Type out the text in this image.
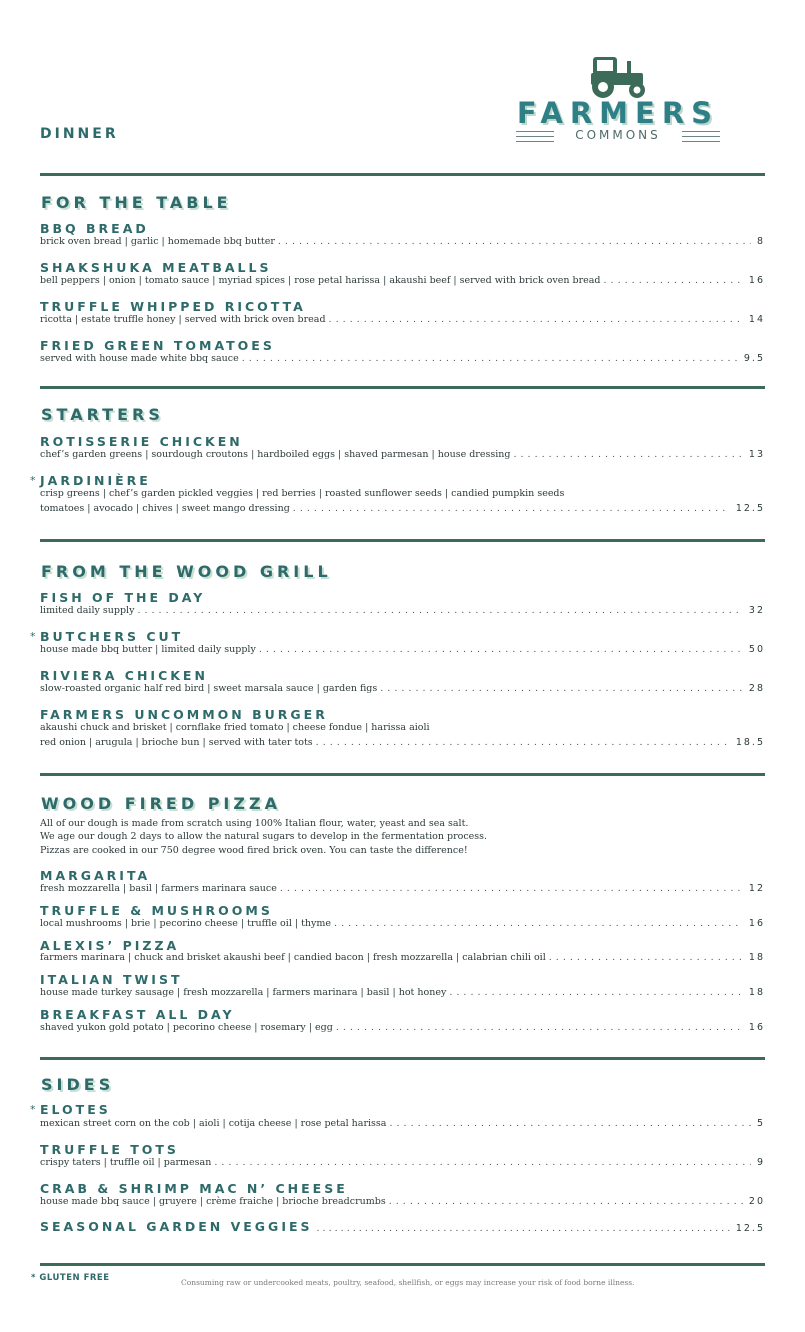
FARMERS
COMMONS
DINNER
FOR THE TABLE
BBQ BREAD
brick oven bread | garlic | homemade bbq butter . . .	8
SHAKSHUKA MEATBALLS
bell peppers | onion | tomato sauce | myriad spices | rose petal harissa | akaushi beef | served with brick oven bread . . .	16
TRUFFLE WHIPPED RICOTTA
ricotta | estate truffle honey | served with brick oven bread . . .	14
FRIED GREEN TOMATOES
served with house made white bbq sauce . . .	9.5
STARTERS
ROTISSERIE CHICKEN
chef’s garden greens | sourdough croutons | hardboiled eggs | shaved parmesan | house dressing . . .	13
* JARDINIÈRE
crisp greens | chef’s garden pickled veggies | red berries | roasted sunflower seeds | candied pumpkin seeds
tomatoes | avocado | chives | sweet mango dressing . . .	12.5
FROM THE WOOD GRILL
FISH OF THE DAY
limited daily supply . . .	32
* BUTCHERS CUT
house made bbq butter | limited daily supply . . .	50
RIVIERA CHICKEN
slow-roasted organic half red bird | sweet marsala sauce | garden figs . . .	28
FARMERS UNCOMMON BURGER
akaushi chuck and brisket | cornflake fried tomato | cheese fondue | harissa aioli
red onion | arugula | brioche bun | served with tater tots . . .	18.5
WOOD FIRED PIZZA
All of our dough is made from scratch using 100% Italian flour, water, yeast and sea salt.
We age our dough 2 days to allow the natural sugars to develop in the fermentation process.
Pizzas are cooked in our 750 degree wood fired brick oven. You can taste the difference!
MARGARITA
fresh mozzarella | basil | farmers marinara sauce . . .	12
TRUFFLE & MUSHROOMS
local mushrooms | brie | pecorino cheese | truffle oil | thyme . . .	16
ALEXIS’ PIZZA
farmers marinara | chuck and brisket akaushi beef | candied bacon | fresh mozzarella | calabrian chili oil . . .	18
ITALIAN TWIST
house made turkey sausage | fresh mozzarella | farmers marinara | basil | hot honey . . .	18
BREAKFAST ALL DAY
shaved yukon gold potato | pecorino cheese | rosemary | egg . . .	16
SIDES
* ELOTES
mexican street corn on the cob | aioli | cotija cheese | rose petal harissa . . .	5
TRUFFLE TOTS
crispy taters | truffle oil | parmesan . . .	9
CRAB & SHRIMP MAC N’ CHEESE
house made bbq sauce | gruyere | crème fraiche | brioche breadcrumbs . . .	20
SEASONAL GARDEN VEGGIES . . .	12.5
* GLUTEN FREE	Consuming raw or undercooked meats, poultry, seafood, shellfish, or eggs may increase your risk of food borne illness.
